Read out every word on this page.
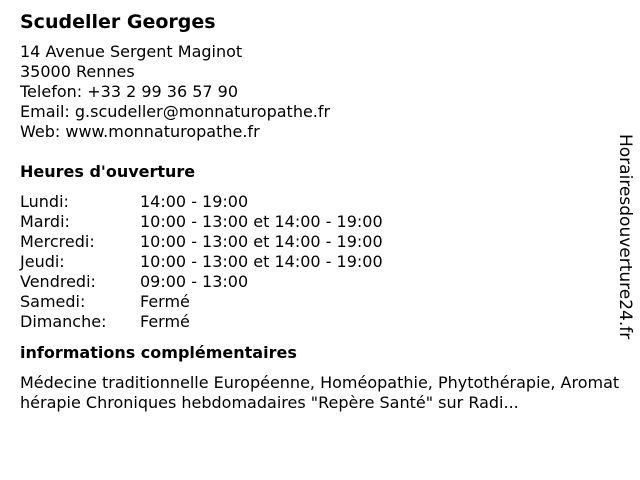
Scudeller Georges
14 Avenue Sergent Maginot
35000 Rennes
Telefon: +33 2 99 36 57 90
Email: g.scudeller@monnaturopathe.fr
Web: www.monnaturopathe.fr
Heures d'ouverture
Lundi:	14:00 - 19:00
Mardi:	10:00 - 13:00 et 14:00 - 19:00
Mercredi:	10:00 - 13:00 et 14:00 - 19:00
Jeudi:	10:00 - 13:00 et 14:00 - 19:00
Vendredi:	09:00 - 13:00
Samedi:	Fermé
Dimanche:	Fermé
informations complémentaires
Médecine traditionnelle Européenne, Homéopathie, Phytothérapie, Aromathérapie Chroniques hebdomadaires "Repère Santé" sur Radi...
Horairesdouverture24.fr
